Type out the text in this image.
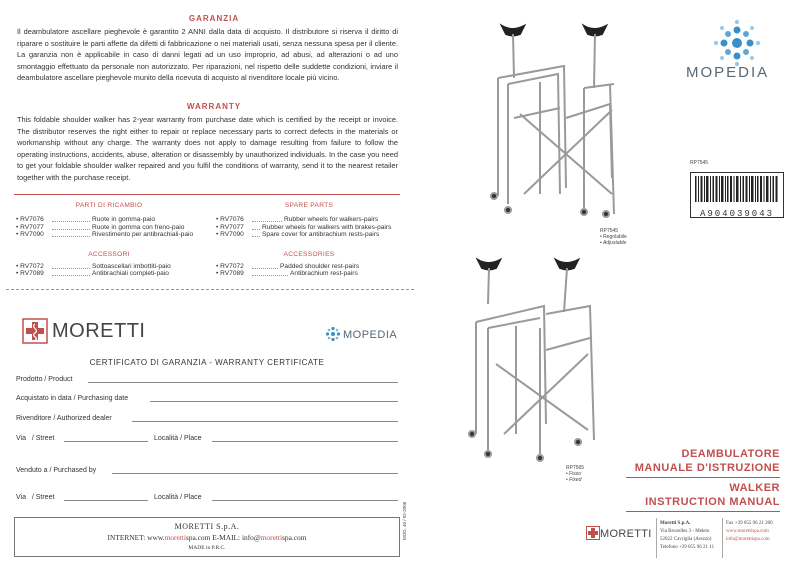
GARANZIA
Il deambulatore ascellare pieghevole è garantito 2 ANNI dalla data di acquisto. Il distributore si riserva il diritto di riparare o sostituire le parti affette da difetti di fabbricazione o nei materiali usati, senza nessuna spesa per il cliente. La garanzia non è applicabile in caso di danni legati ad un uso improprio, ad abusi, ad alterazioni o ad uno smontaggio effettuato da personale non autorizzato. Per riparazioni, nel rispetto delle suddette condizioni, inviare il deambulatore ascellare pieghevole munito della ricevuta di acquisto al rivenditore locale più vicino.
WARRANTY
This foldable shoulder walker has 2-year warranty from purchase date which is certified by the receipt or invoice. The distributor reserves the right either to repair or replace necessary parts to correct defects in the materials or workmanship without any charge. The warranty does not apply to damage resulting from failure to follow the operating instructions, accidents, abuse, alteration or disassembly by unauthorized individuals. In the case you need to get your foldable shoulder walker repaired and you fulfil the conditions of warranty, send it to the nearest retailer together with the purchase receipt.
PARTI DI RICAMBIO
• RV7076	Ruote in gomma-paio
• RV7077	Ruote in gomma con freno-paio
• RV7090	Rivestimento per antibrachiali-paio
ACCESSORI
• RV7072	Sottoascellari imbottiti-paio
• RV7089	Antibrachiali completi-paio
SPARE PARTS
• RV7076	Rubber wheels for walkers-pairs
• RV7077	Rubber wheels for walkers with brakes-pairs
• RV7090	Spare cover for antibrachium rests-pairs
ACCESSORIES
• RV7072	Padded shoulder rest-pairs
• RV7089	Antibrachium rest-pairs
MORETTI	MOPEDIA
CERTIFICATO DI GARANZIA - WARRANTY CERTIFICATE
Prodotto / Product
Acquistato in data / Purchasing date
Rivenditore / Authorized dealer
Via / Street	Località / Place
Venduto a / Purchased by
Via / Street	Località / Place
MORETTI S.p.A.
INTERNET: www.morettispa.com E-MAIL: info@morettispa.com
MADE in P.R.C.
MOD. 40 / 02-2006
MOPEDIA
RP7545
A904039043
RP7545
• Regolabile
• Adjustable
RP7565
• Fisso
• Fixed
DEAMBULATORE
MANUALE D'ISTRUZIONE
WALKER
INSTRUCTION MANUAL
MORETTI
Moretti S.p.A.
Via Bruxelles 3 - Meleto
52022 Cavriglia (Arezzo)
Telefono +39 055 96 21 11
Fax +39 055 96 21 200
www.morettispa.com
info@morettispa.com
